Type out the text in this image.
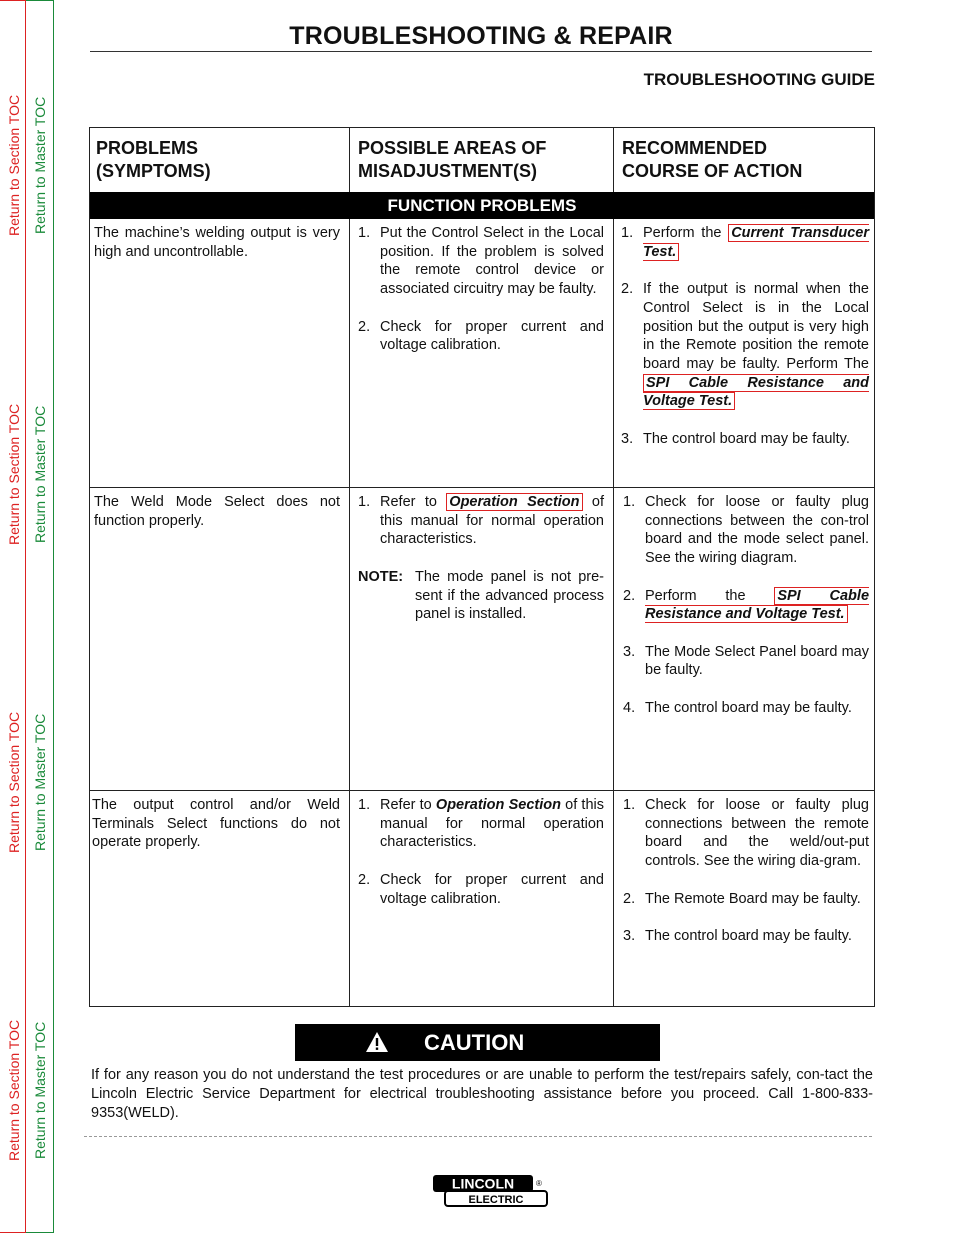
Return to Section TOC Return to Master TOC
Return to Section TOC Return to Master TOC
Return to Section TOC Return to Master TOC
Return to Section TOC Return to Master TOC
TROUBLESHOOTING & REPAIR
TROUBLESHOOTING GUIDE
PROBLEMS
(SYMPTOMS)
POSSIBLE AREAS OF
MISADJUSTMENT(S)
RECOMMENDED
COURSE OF ACTION
FUNCTION PROBLEMS
The machine’s welding output is very high and uncontrollable.
1. Put the Control Select in the Local position. If the problem is solved the remote control device or associated circuitry may be faulty.
2. Check for proper current and voltage calibration.
1. Perform the Current Transducer Test.
2. If the output is normal when the Control Select is in the Local position but the output is very high in the Remote position the remote board may be faulty. Perform The SPI Cable Resistance and Voltage Test.
3. The control board may be faulty.
The Weld Mode Select does not function properly.
1. Refer to Operation Section of this manual for normal operation characteristics.
NOTE: The mode panel is not pre-sent if the advanced process panel is installed.
1. Check for loose or faulty plug connections between the con-trol board and the mode select panel. See the wiring diagram.
2. Perform the SPI Cable Resistance and Voltage Test.
3. The Mode Select Panel board may be faulty.
4. The control board may be faulty.
The output control and/or Weld Terminals Select functions do not operate properly.
1. Refer to Operation Section of this manual for normal operation characteristics.
2. Check for proper current and voltage calibration.
1. Check for loose or faulty plug connections between the remote board and the weld/out-put controls. See the wiring dia-gram.
2. The Remote Board may be faulty.
3. The control board may be faulty.
CAUTION
If for any reason you do not understand the test procedures or are unable to perform the test/repairs safely, con-tact the Lincoln Electric Service Department for electrical troubleshooting assistance before you proceed. Call 1-800-833-9353(WELD).
LINCOLN
ELECTRIC
®
